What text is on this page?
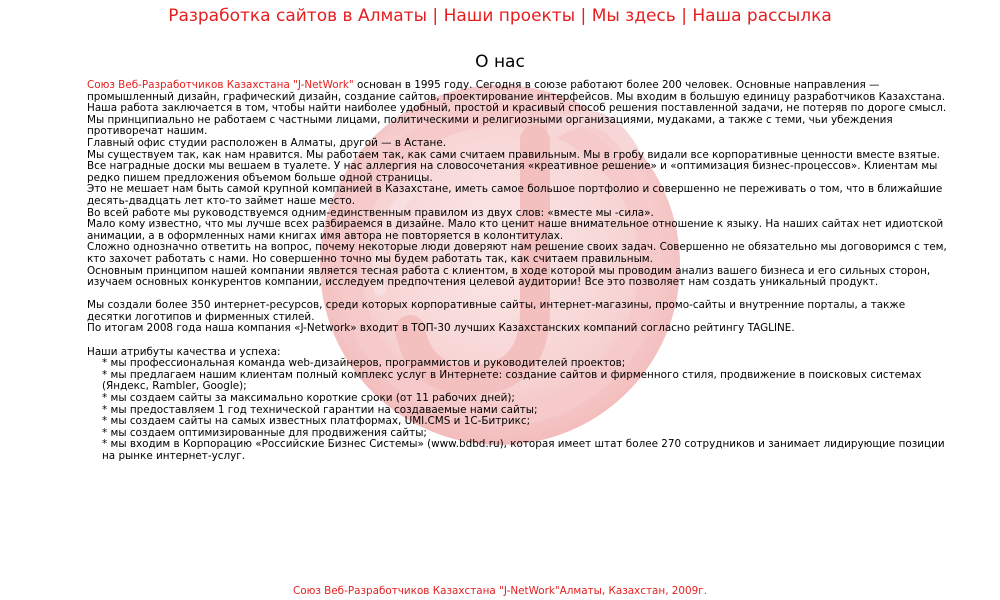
Разработка сайтов в Алматы | Наши проекты | Мы здесь | Наша рассылка
О нас

Союз Веб-Разработчиков Казахстана "J-NetWork" основан в 1995 году. Сегодня в союзе работают более 200 человек. Основные направления — промышленный дизайн, графический дизайн, создание сайтов, проектирование интерфейсов. Мы входим в большую единицу разработчиков Казахстана.

Наша работа заключается в том, чтобы найти наиболее удобный, простой и красивый способ решения поставленной задачи, не потеряв по дороге смысл.

Мы принципиально не работаем с частными лицами, политическими и религиозными организациями, мудаками, а также с теми, чьи убеждения противоречат нашим.

Главный офис студии расположен в Алматы, другой — в Астане.

Мы существуем так, как нам нравится. Мы работаем так, как сами считаем правильным. Мы в гробу видали все корпоративные ценности вместе взятые. Все наградные доски мы вешаем в туалете. У нас аллергия на словосочетания «креативное решение» и «оптимизация бизнес-процессов». Клиентам мы редко пишем предложения объемом больше одной страницы.

Это не мешает нам быть самой крупной компанией в Казахстане, иметь самое большое портфолио и совершенно не переживать о том, что в ближайшие десять-двадцать лет кто-то займет наше место.

Во всей работе мы руководствуемся одним-единственным правилом из двух слов: «вместе мы -сила».

Мало кому известно, что мы лучше всех разбираемся в дизайне. Мало кто ценит наше внимательное отношение к языку. На наших сайтах нет идиотской анимации, а в оформленных нами книгах имя автора не повторяется в колонтитулах.

Сложно однозначно ответить на вопрос, почему некоторые люди доверяют нам решение своих задач. Совершенно не обязательно мы договоримся с тем, кто захочет работать с нами. Но совершенно точно мы будем работать так, как считаем правильным.

Основным принципом нашей компании является тесная работа с клиентом, в ходе которой мы проводим анализ вашего бизнеса и его сильных сторон, изучаем основных конкурентов компании, исследуем предпочтения целевой аудитории! Все это позволяет нам создать уникальный продукт.

Мы создали более 350 интернет-ресурсов, среди которых корпоративные сайты, интернет-магазины, промо-сайты и внутренние порталы, а также десятки логотипов и фирменных стилей.

По итогам 2008 года наша компания «J-Network» входит в ТОП-30 лучших Казахстанских компаний согласно рейтингу TAGLINE.

Наши атрибуты качества и успеха:

* мы профессиональная команда web-дизайнеров, программистов и руководителей проектов;

* мы предлагаем нашим клиентам полный комплекс услуг в Интернете: создание сайтов и фирменного стиля, продвижение в поисковых системах (Яндекс, Rambler, Google);

* мы создаем сайты за максимально короткие сроки (от 11 рабочих дней);

* мы предоставляем 1 год технической гарантии на создаваемые нами сайты;

* мы создаем сайты на самых известных платформах, UMI.CMS и 1С-Битрикс;

* мы создаем оптимизированные для продвижения сайты;

* мы входим в Корпорацию «Российские Бизнес Системы» (www.bdbd.ru), которая имеет штат более 270 сотрудников и занимает лидирующие позиции на рынке интернет-услуг.

Союз Веб-Разработчиков Казахстана "J-NetWork"Алматы, Казахстан, 2009г.
